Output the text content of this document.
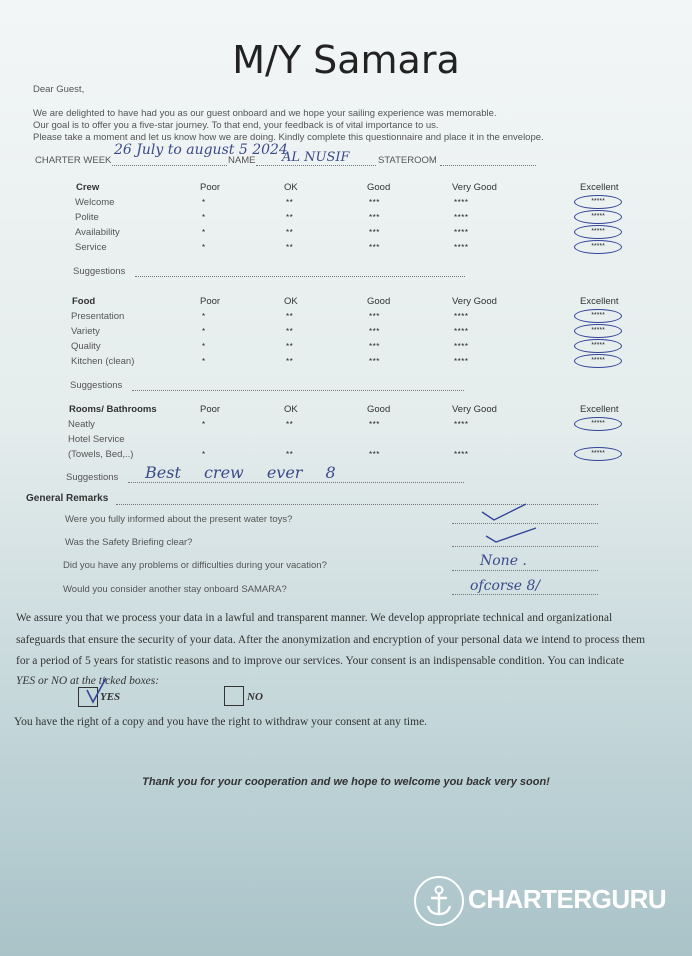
M/Y Samara
Dear Guest,
We are delighted to have had you as our guest onboard and we hope your sailing experience was memorable.
Our goal is to offer you a five-star journey. To that end, your feedback is of vital importance to us.
Please take a moment and let us know how we are doing. Kindly complete this questionnaire and place it in the envelope.
CHARTER WEEK
26 July to august 5 2024
NAME AL NUSIF	STATEROOM
Crew	Poor	OK	Good	Very Good	Excellent
Welcome	*	**	***	****	*****
Polite	*	**	***	****	*****
Availability	*	**	***	****	*****
Service	*	**	***	****	*****
Food	Poor	OK	Good	Very Good	Excellent
Presentation	*	**	***	****	*****
Variety	*	**	***	****	*****
Quality	*	**	***	****	*****
Kitchen (clean)	*	**	***	****	*****
Rooms/ Bathrooms	Poor	OK	Good	Very Good	Excellent
Neatly	*	**	***	****	*****
Hotel Service
(Towels, Bed,..)	*	**	***	****	*****
Suggestions
Suggestions
Suggestions Best crew ever 8
General Remarks
Were you fully informed about the present water toys?
Was the Safety Briefing clear?
Did you have any problems or difficulties during your vacation?	None .
Would you consider another stay onboard SAMARA?	ofcorse 8/
We assure you that we process your data in a lawful and transparent manner. We develop appropriate technical and organizational
safeguards that ensure the security of your data. After the anonymization and encryption of your personal data we intend to process them
for a period of 5 years for statistic reasons and to improve our services. Your consent is an indispensable condition. You can indicate
YES or NO at the ticked boxes:
YES	NO
You have the right of a copy and you have the right to withdraw your consent at any time.
Thank you for your cooperation and we hope to welcome you back very soon!
CHARTERGURU
